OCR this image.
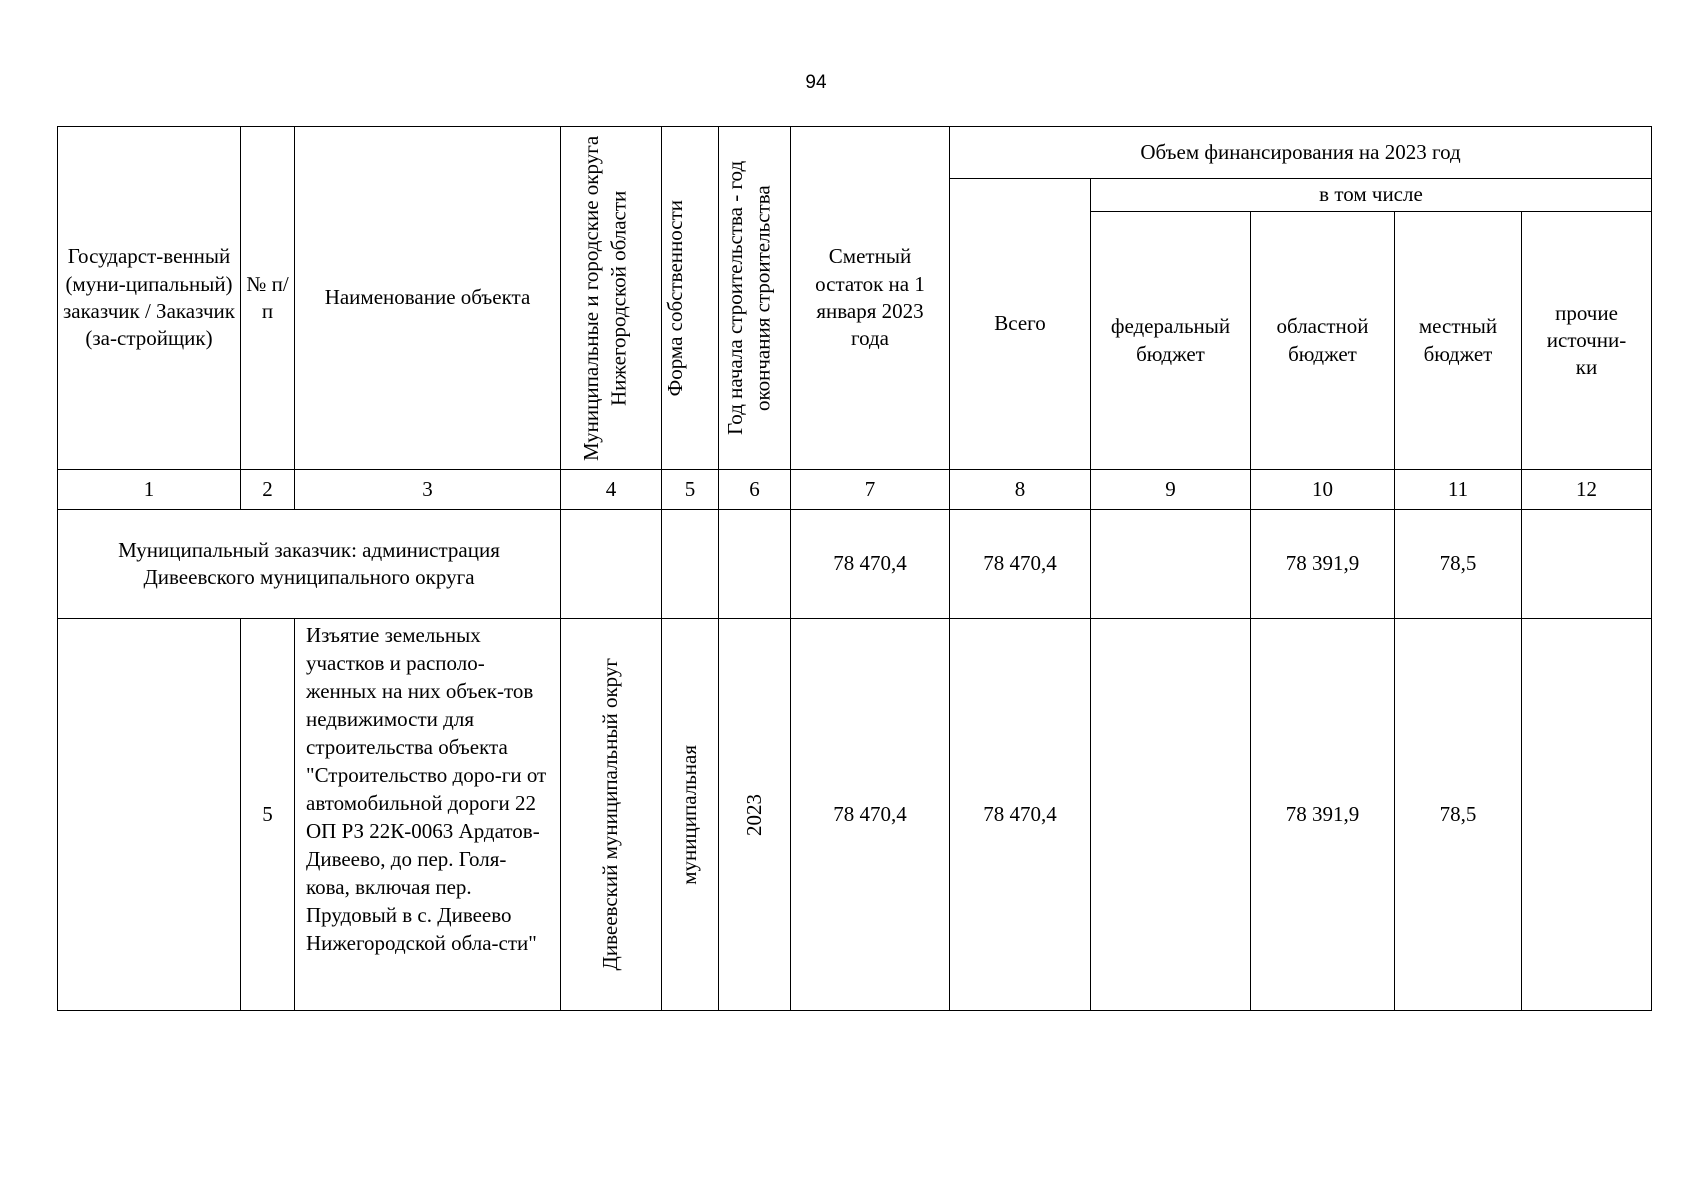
94
Государст-венный (муни-ципальный) заказчик / Заказчик (за-стройщик)	№ п/п	Наименование объекта	Муниципальные и городские округа Нижегородской области	Форма собственности	Год начала строительства - год окончания строительства	Сметный остаток на 1 января 2023 года	Объем финансирования на 2023 год				
							Всего	в том числе			
								федеральный бюджет	областной бюджет	местный бюджет	прочие источни-ки
1	2	3	4	5	6	7	8	9	10	11	12
Муниципальный заказчик: администрация Дивеевского муниципального округа						78 470,4	78 470,4		78 391,9	78,5	
	5	Изъятие земельных участков и располо-женных на них объек-тов недвижимости для строительства объекта "Строительство доро-ги от автомобильной дороги 22 ОП РЗ 22К-0063 Ардатов-Дивеево, до пер. Голя-кова, включая пер. Прудовый в с. Дивеево Нижегородской обла-сти"	Дивеевский муниципальный округ	муниципальная	2023	78 470,4	78 470,4		78 391,9	78,5	
